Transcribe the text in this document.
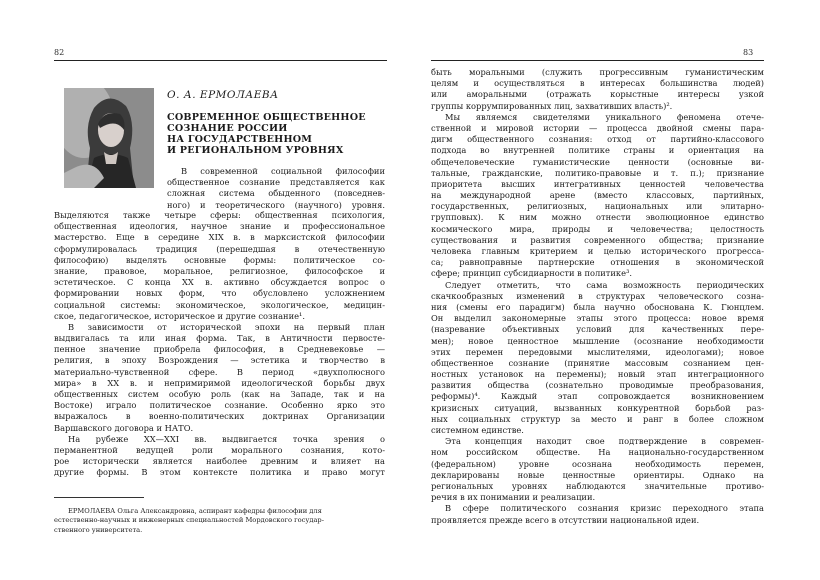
82
О. А. ЕРМОЛАЕВА
СОВРЕМЕННОЕ ОБЩЕСТВЕННОЕ
СОЗНАНИЕ РОССИИ
НА ГОСУДАРСТВЕННОМ
И РЕГИОНАЛЬНОМ УРОВНЯХ
В современной социальной философии
общественное сознание представляется как
сложная система обыденного (повседнев-
ного) и теоретического (научного) уровня.
Выделяются также четыре сферы: общественная психология,
общественная идеология, научное знание и профессиональное
мастерство. Еще в середине XIX в. в марксистской философии
сформулировалась традиция (перешедшая в отечественную
философию) выделять основные формы: политическое со-
знание, правовое, моральное, религиозное, философское и
эстетическое. С конца XX в. активно обсуждается вопрос о
формировании новых форм, что обусловлено усложнением
социальной системы: экономическое, экологическое, медицин-
ское, педагогическое, историческое и другие сознание¹.
В зависимости от исторической эпохи на первый план
выдвигалась та или иная форма. Так, в Античности первосте-
пенное значение приобрела философия, в Средневековье —
религия, в эпоху Возрождения — эстетика и творчество в
материально-чувственной сфере. В период «двухполюсного
мира» в XX в. и непримиримой идеологической борьбы двух
общественных систем особую роль (как на Западе, так и на
Востоке) играло политическое сознание. Особенно ярко это
выражалось в военно-политических доктринах Организации
Варшавского договора и НАТО.
На рубеже XX—XXI вв. выдвигается точка зрения о
перманентной ведущей роли морального сознания, кото-
рое исторически является наиболее древним и влияет на
другие формы. В этом контексте политика и право могут
ЕРМОЛАЕВА Ольга Александровна, аспирант кафедры философии для
естественно-научных и инженерных специальностей Мордовского государ-
ственного университета.
83
быть моральными (служить прогрессивным гуманистическим
целям и осуществляться в интересах большинства людей)
или аморальными (отражать корыстные интересы узкой
группы коррумпированных лиц, захвативших власть)².
Мы являемся свидетелями уникального феномена отече-
ственной и мировой истории — процесса двойной смены пара-
дигм общественного сознания: отход от партийно-классового
подхода во внутренней политике страны и ориентация на
общечеловеческие гуманистические ценности (основные ви-
тальные, гражданские, политико-правовые и т. п.); признание
приоритета высших интегративных ценностей человечества
на международной арене (вместо классовых, партийных,
государственных, религиозных, национальных или элитарно-
групповых). К ним можно отнести эволюционное единство
космического мира, природы и человечества; целостность
существования и развития современного общества; признание
человека главным критерием и целью исторического прогресса-
са; равноправные партнерские отношения в экономической
сфере; принцип субсидиарности в политике³.
Следует отметить, что сама возможность периодических
скачкообразных изменений в структурах человеческого созна-
ния (смены его парадигм) была научно обоснована К. Гюнцлем.
Он выделил закономерные этапы этого процесса: новое время
(назревание объективных условий для качественных пере-
мен); новое ценностное мышление (осознание необходимости
этих перемен передовыми мыслителями, идеологами); новое
общественное сознание (принятие массовым сознанием цен-
ностных установок на перемены); новый этап интеграционного
развития общества (сознательно проводимые преобразования,
реформы)⁴. Каждый этап сопровождается возникновением
кризисных ситуаций, вызванных конкурентной борьбой раз-
ных социальных структур за место и ранг в более сложном
системном единстве.
Эта концепция находит свое подтверждение в современ-
ном российском обществе. На национально-государственном
(федеральном) уровне осознана необходимость перемен,
декларированы новые ценностные ориентиры. Однако на
региональных уровнях наблюдаются значительные противо-
речия в их понимании и реализации.
В сфере политического сознания кризис переходного этапа
проявляется прежде всего в отсутствии национальной идеи.
